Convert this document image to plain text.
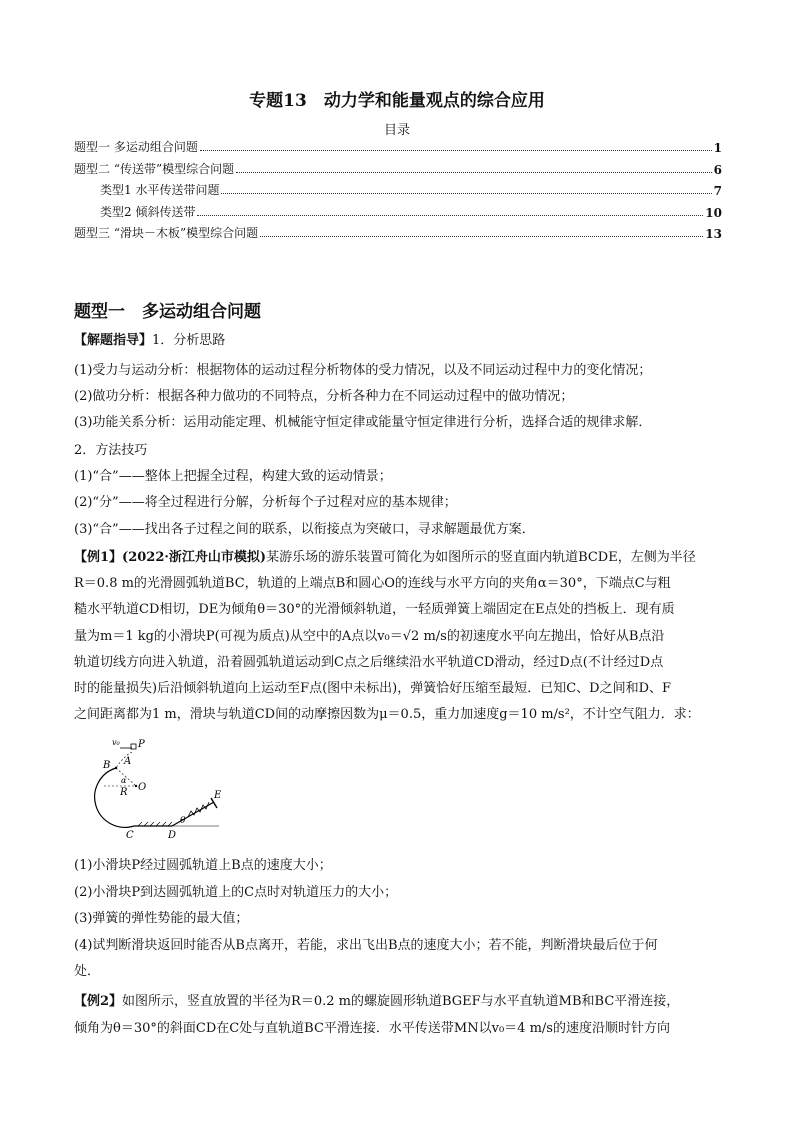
专题13　动力学和能量观点的综合应用
目录
题型一 多运动组合问题	1
题型二 “传送带”模型综合问题	6
类型1 水平传送带问题	7
类型2 倾斜传送带	10
题型三 “滑块－木板”模型综合问题	13
题型一　多运动组合问题
【解题指导】1．分析思路
(1)受力与运动分析：根据物体的运动过程分析物体的受力情况，以及不同运动过程中力的变化情况；
(2)做功分析：根据各种力做功的不同特点，分析各种力在不同运动过程中的做功情况；
(3)功能关系分析：运用动能定理、机械能守恒定律或能量守恒定律进行分析，选择合适的规律求解．
2．方法技巧
(1)“合”——整体上把握全过程，构建大致的运动情景；
(2)“分”——将全过程进行分解，分析每个子过程对应的基本规律；
(3)“合”——找出各子过程之间的联系，以衔接点为突破口，寻求解题最优方案．
【例1】(2022·浙江舟山市模拟)某游乐场的游乐装置可简化为如图所示的竖直面内轨道BCDE，左侧为半径
R＝0.8 m的光滑圆弧轨道BC，轨道的上端点B和圆心O的连线与水平方向的夹角α＝30°，下端点C与粗
糙水平轨道CD相切，DE为倾角θ＝30°的光滑倾斜轨道，一轻质弹簧上端固定在E点处的挡板上．现有质
量为m＝1 kg的小滑块P(可视为质点)从空中的A点以v₀＝√2 m/s的初速度水平向左抛出，恰好从B点沿
轨道切线方向进入轨道，沿着圆弧轨道运动到C点之后继续沿水平轨道CD滑动，经过D点(不计经过D点
时的能量损失)后沿倾斜轨道向上运动至F点(图中未标出)，弹簧恰好压缩至最短．已知C、D之间和D、F
之间距离都为1 m，滑块与轨道CD间的动摩擦因数为μ＝0.5，重力加速度g＝10 m/s²，不计空气阻力．求：
v₀ P
A
B
α
R O
E
θ
C	D
(1)小滑块P经过圆弧轨道上B点的速度大小；
(2)小滑块P到达圆弧轨道上的C点时对轨道压力的大小；
(3)弹簧的弹性势能的最大值；
(4)试判断滑块返回时能否从B点离开，若能，求出飞出B点的速度大小；若不能，判断滑块最后位于何
处．
【例2】如图所示，竖直放置的半径为R＝0.2 m的螺旋圆形轨道BGEF与水平直轨道MB和BC平滑连接，
倾角为θ＝30°的斜面CD在C处与直轨道BC平滑连接．水平传送带MN以v₀＝4 m/s的速度沿顺时针方向
